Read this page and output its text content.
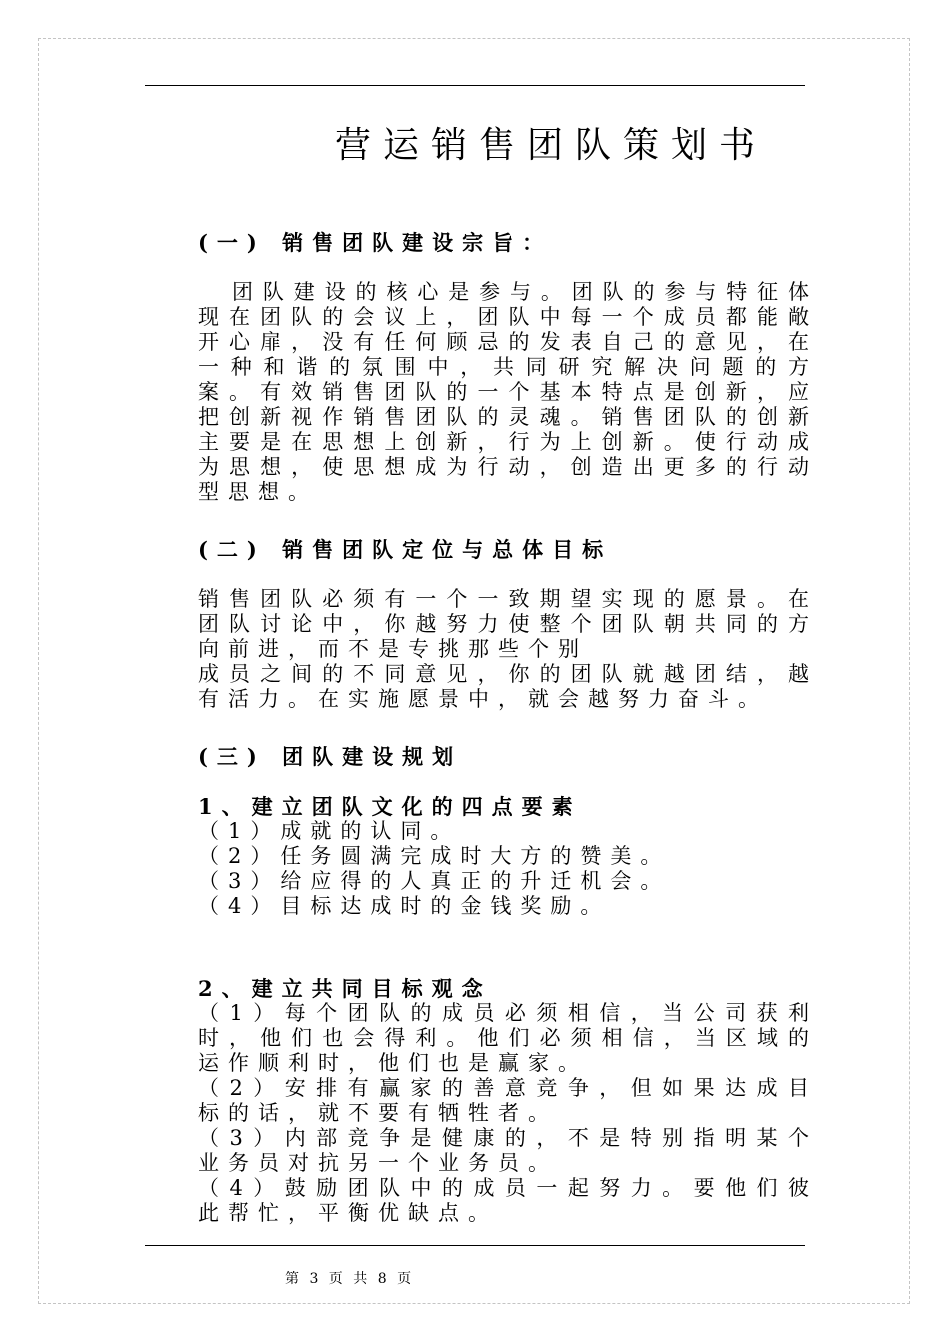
营运销售团队策划书

(一) 销售团队建设宗旨：

团队建设的核心是参与。团队的参与特征体现在团队的会议上，团队中每一个成员都能敞开心扉，没有任何顾忌的发表自己的意见，在一种和谐的氛围中，共同研究解决问题的方案。有效销售团队的一个基本特点是创新，应把创新视作销售团队的灵魂。销售团队的创新主要是在思想上创新，行为上创新。使行动成为思想，使思想成为行动，创造出更多的行动型思想。

(二) 销售团队定位与总体目标

销售团队必须有一个一致期望实现的愿景。在团队讨论中，你越努力使整个团队朝共同的方向前进，而不是专挑那些个别

成员之间的不同意见，你的团队就越团结，越有活力。在实施愿景中，就会越努力奋斗。

(三) 团队建设规划

1、建立团队文化的四点要素

（1）成就的认同。

（2）任务圆满完成时大方的赞美。

（3）给应得的人真正的升迁机会。

（4）目标达成时的金钱奖励。

2、建立共同目标观念

（1）每个团队的成员必须相信，当公司获利时，他们也会得利。他们必须相信，当区域的运作顺利时，他们也是赢家。

（2）安排有赢家的善意竞争，但如果达成目标的话，就不要有牺牲者。

（3）内部竞争是健康的，不是特别指明某个业务员对抗另一个业务员。

（4）鼓励团队中的成员一起努力。要他们彼此帮忙，平衡优缺点。

第 3 页 共 8 页
